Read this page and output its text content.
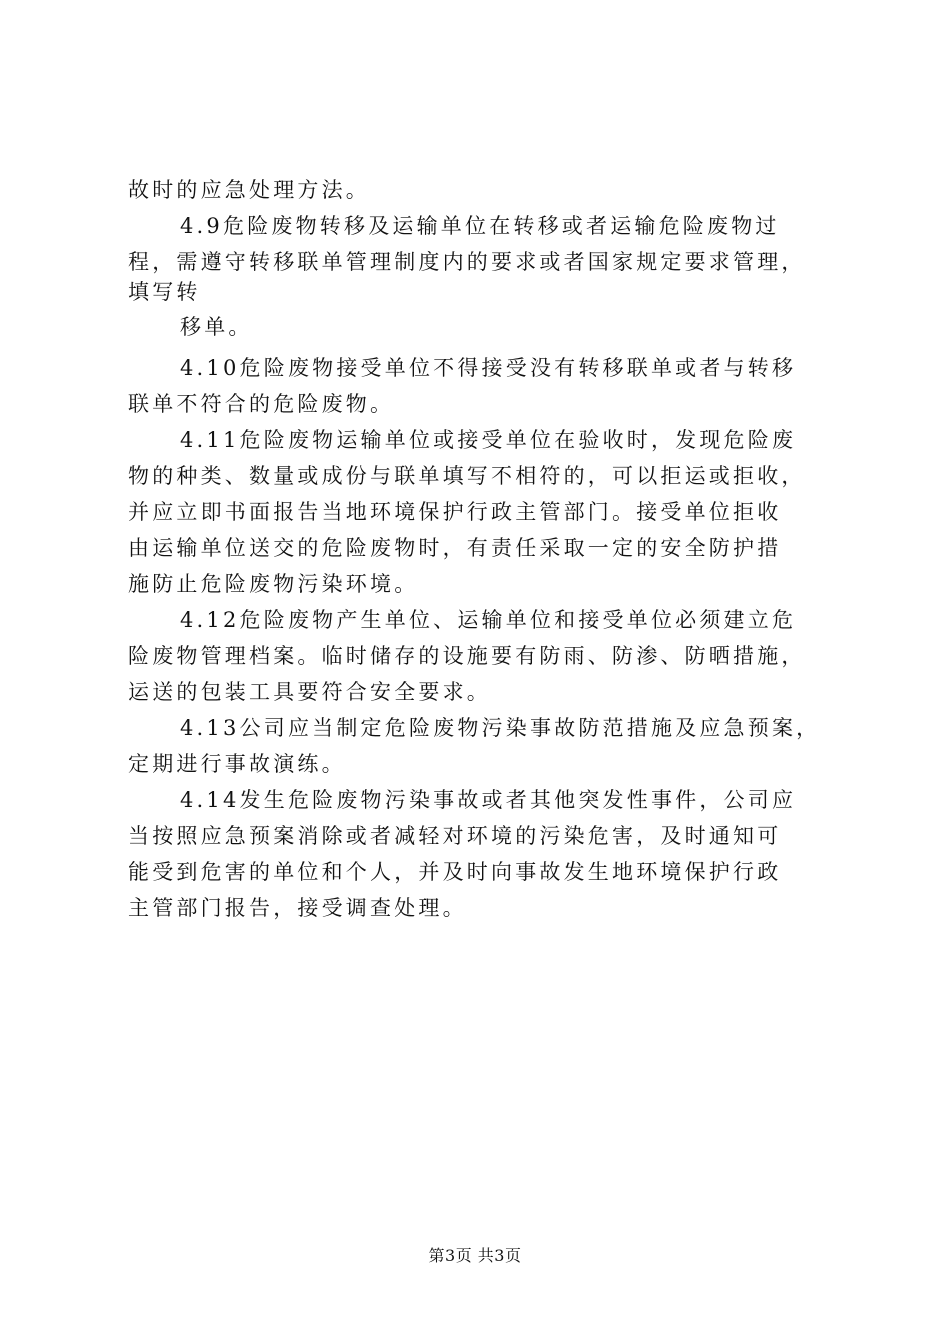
故时的应急处理方法。
4.9危险废物转移及运输单位在转移或者运输危险废物过
程，需遵守转移联单管理制度内的要求或者国家规定要求管理，
填写转
移单。
4.10危险废物接受单位不得接受没有转移联单或者与转移
联单不符合的危险废物。
4.11危险废物运输单位或接受单位在验收时，发现危险废
物的种类、数量或成份与联单填写不相符的，可以拒运或拒收，
并应立即书面报告当地环境保护行政主管部门。接受单位拒收
由运输单位送交的危险废物时，有责任采取一定的安全防护措
施防止危险废物污染环境。
4.12危险废物产生单位、运输单位和接受单位必须建立危
险废物管理档案。临时储存的设施要有防雨、防渗、防晒措施，
运送的包装工具要符合安全要求。
4.13公司应当制定危险废物污染事故防范措施及应急预案，
定期进行事故演练。
4.14发生危险废物污染事故或者其他突发性事件，公司应
当按照应急预案消除或者减轻对环境的污染危害，及时通知可
能受到危害的单位和个人，并及时向事故发生地环境保护行政
主管部门报告，接受调查处理。
第3页 共3页
